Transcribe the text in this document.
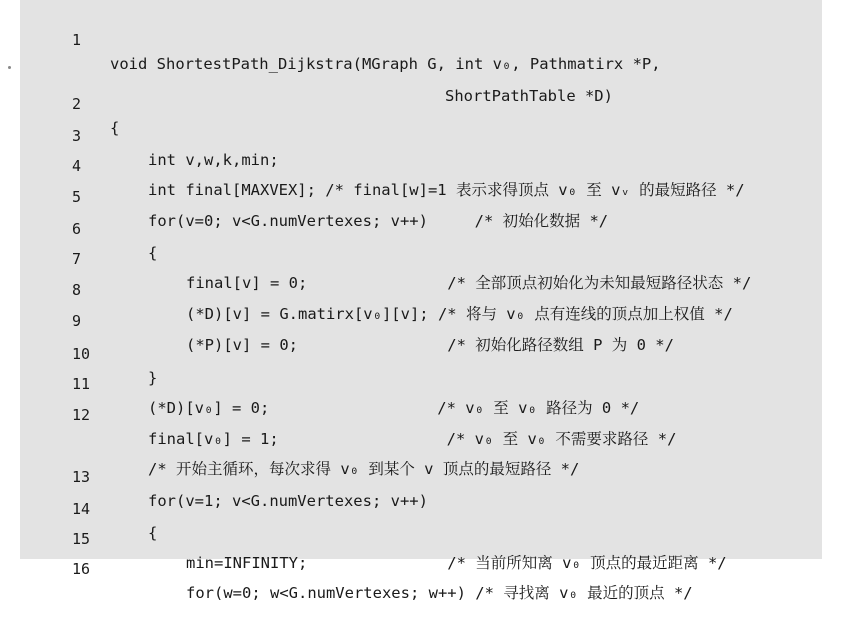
1

void ShortestPath_Dijkstra(MGraph G, int v₀, Pathmatirx *P,

ShortPathTable *D)

2

{

3

int v,w,k,min;

4

int final[MAXVEX]; /* final[w]=1 表示求得顶点 v₀ 至 vᵥ 的最短路径 */

5

for(v=0; v<G.numVertexes; v++)     /* 初始化数据 */

6

{

7

final[v] = 0;               /* 全部顶点初始化为未知最短路径状态 */

8

(*D)[v] = G.matirx[v₀][v]; /* 将与 v₀ 点有连线的顶点加上权值 */

9

(*P)[v] = 0;                /* 初始化路径数组 P 为 0 */

10

}

11

(*D)[v₀] = 0;                  /* v₀ 至 v₀ 路径为 0 */

12

final[v₀] = 1;                  /* v₀ 至 v₀ 不需要求路径 */

/* 开始主循环，每次求得 v₀ 到某个 v 顶点的最短路径 */

13

for(v=1; v<G.numVertexes; v++)

14

{

15

min=INFINITY;               /* 当前所知离 v₀ 顶点的最近距离 */

16

for(w=0; w<G.numVertexes; w++) /* 寻找离 v₀ 最近的顶点 */
